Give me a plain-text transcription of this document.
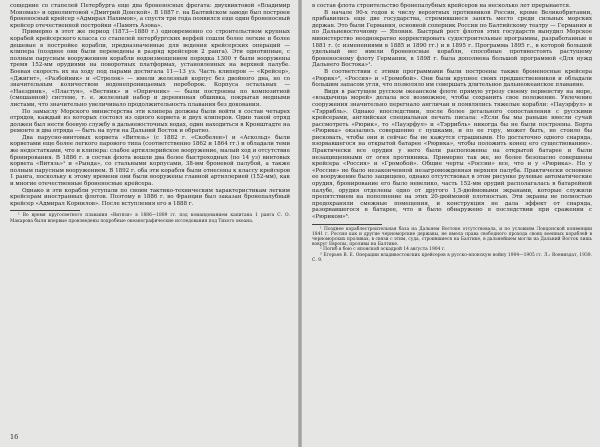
сощедние со стапелей Петербурга еще два броненосных фрегата: двухвинтовой «Владимир Мономах» и однолинтовой «Дмитрий Донской». В 1887 г. на Балтийском заводе был построен броненосный крейсер «Адмирал Нахимов», а спустя три года появился еще один броненосный крейсер отечественной постройки «Память Азова».

Примерно в этот же период (1873—1880 г.) одновременно со строительством крупных корабей крейсерского класса со стапелей петербургских верфей сошли более легкие и более дешевые в постройке корабли, предназначенные для ведения крейсерских операций — клипера (позднее они были переведены в разряд крейсеров 2 ранга). Эти однотипные, с полным парусным вооружением корабли водоизмещением порядка 1300 т были вооружены тремя 152-мм орудиями на поворотных платформах, установленных на верхней палубе. Боевая скорость их на ходу под парами достигала 11—13 уз. Часть клиперов — «Крейсер», «Джигит», «Разбойник» и «Стрелок» — имели железный корпус без двойного дна, но со значительным количеством водонепроницаемых переборок. Корпуса остальных — «Наездник», «Пластун», «Вестник» и «Опричник» — были построены по композитной (смешанной) системе, т. е. железный набор и деревянная обшивка, покрытая медными листами, что значительно увеличивало продолжительность плавания без докования.

По замыслу Морского министерства эти клипера должны были войти в состав четырех отрядов, каждый из которых состоял из одного корвета и двух клиперов. Один такой отряд должен был нести боевую службу в дальневосточных водах, один находиться в Кронштадте на ремонте и два отряда — быть на пути на Дальний Восток и обратно.

Два парусно-винтовых корвета «Витязь» (с 1882 г. «Скобелев») и «Аскольд» были корветами еще более легкого парового типа (соответственно 1862 и 1864 гг.) и обладали теми же недостатками, что и клипера: слабое артиллерийское вооружение, малый ход и отсутствие бронирования. В 1886 г. в состав флота вошли два более быстроходных (по 14 уз) винтовых корвета «Витязь»¹ и «Рында», со стальными корпусами, 38-мм броневой палубой, а также полным парусным вооружением. В 1892 г. оба эти корабля были отнесены к классу крейсеров 1 ранга, поскольку к этому времени они были вооружены главной артиллерией (152-мм), как и многие отечественные броненосные крейсера.

Однако и эти корабли уступали по своим тактико-техническим характеристикам легким крейсерам иностранных флотов. Поэтому в 1886 г. во Франции был заказан бронепалубный крейсер «Адмирал Корнилов». После вступления его в 1888 г.

¹ Во время кругосветного плавания «Витязя» в 1886—1889 гг. под командованием капитана 1 ранга С. О. Макарова были впервые произведены подробные океанографические исследования под Тихого океана.

16

в состав флота строительство бронепалубных крейсеров на несколько лет прерывается.

В начале 90-х годов к числу вероятных противников России, кроме Великобритании, прибавились еще две государства, стремившиеся занять место среди сильных морских держав. Это были Германия, основной соперник России по Балтийскому театру — Германия и по Дальневосточному — Япония. Быстрый рост флотов этих государств вынудил Морское министерство неоднократно корректировать судостроительные программы, разработанные в 1881 г. (с изменениями в 1885 и 1890 гг.) и в 1895 г. Программа 1895 г., в которой большой удельный вес имели броненосные корабли, способные противостоять растущему броненосному флоту Германии, в 1898 г. была дополнена большой программой «Для нужд Дальнего Востока»¹.

В соответствии с этими программами были построены также броненосные крейсера «Рюрик»², «Россия» и «Громобой». Они были крупнее своих предшественников и обладали большим запасом угля, что позволяло им совершать длительное дальнеокеанское плавание.

Видя в растущем русском океанском флоте прямую угрозу своему первенству на море, «владычица морей» делала все возможное, чтобы сохранить свое положение. Увлечение сооружения значительно перегнало англичан и появлялись тяжелые корабли: «Пауэрфул» и «Тэррибль». Однако впоследствии, после более детального сопоставления с русскими крейсерами, английская специальная печать писала: «Если бы мы раньше внесли сучай рассмотреть «Рюрик», то «Пауэрфул» и «Тэррибль» никогда бы не были построены. Борта «Рюрика» оказались совершенно с пушками, и по ее гору, может быть, не стоило бы рисковать, чтобы они и сейчас бы не кажутся страшными. Но достаточно одного снаряда, взорвавшегося на открытой батарее «Рюрика», чтобы положить конец его существованию». Практически все орудия у него были расположены на открытой батарее и были незащищенными от огня противника. Примерно так же, но более безопасно совершены крейсера «Россия» и «Громобой». Общие черты «России» все, что и у «Рюрика». Но у «России» не было незаконченной незагроможденная верхняя палуба. Практически основное ее вооружение было защищено, однако отсутствовал в этом рисунке рулевые автоматические орудия, бронирование его было невелико, часть 152-мм орудий располагалась в батарейной палубе, орудия отделены одно от другого 1,5-дюймовыми экранами, которые служили препятствием на пополнение на этих 20-дюймовой плотностью. Эти экраны не полностью предохраняли смежные помещения, и конструкция не дала эффект от снаряда, разорвавшегося в батарее, что и было обнаружено в последствии при сражении с «Рюриком»³.

¹ Позднее кораблестроительная база на Дальнем Востоке отсутствовала, и по условиям Лондонской конвенции 1841 г. Россия как и другие черноморские державы, не имела права свободного прохода своих военных кораблей в черноморских проливах, в связи с этим, суда, строившиеся на Балтике, в дальнейшем могли на Дальний Восток лишь вокруг Европы, проливы на Балтике.

² Погиб в бою с японской эскадрой 14 августа 1904 г.

³ Егорьев В. Е. Операции владивостокских крейсеров в русско-японскую войну 1904—1905 гг. Л.: Воениздат, 1939. С. 9.
